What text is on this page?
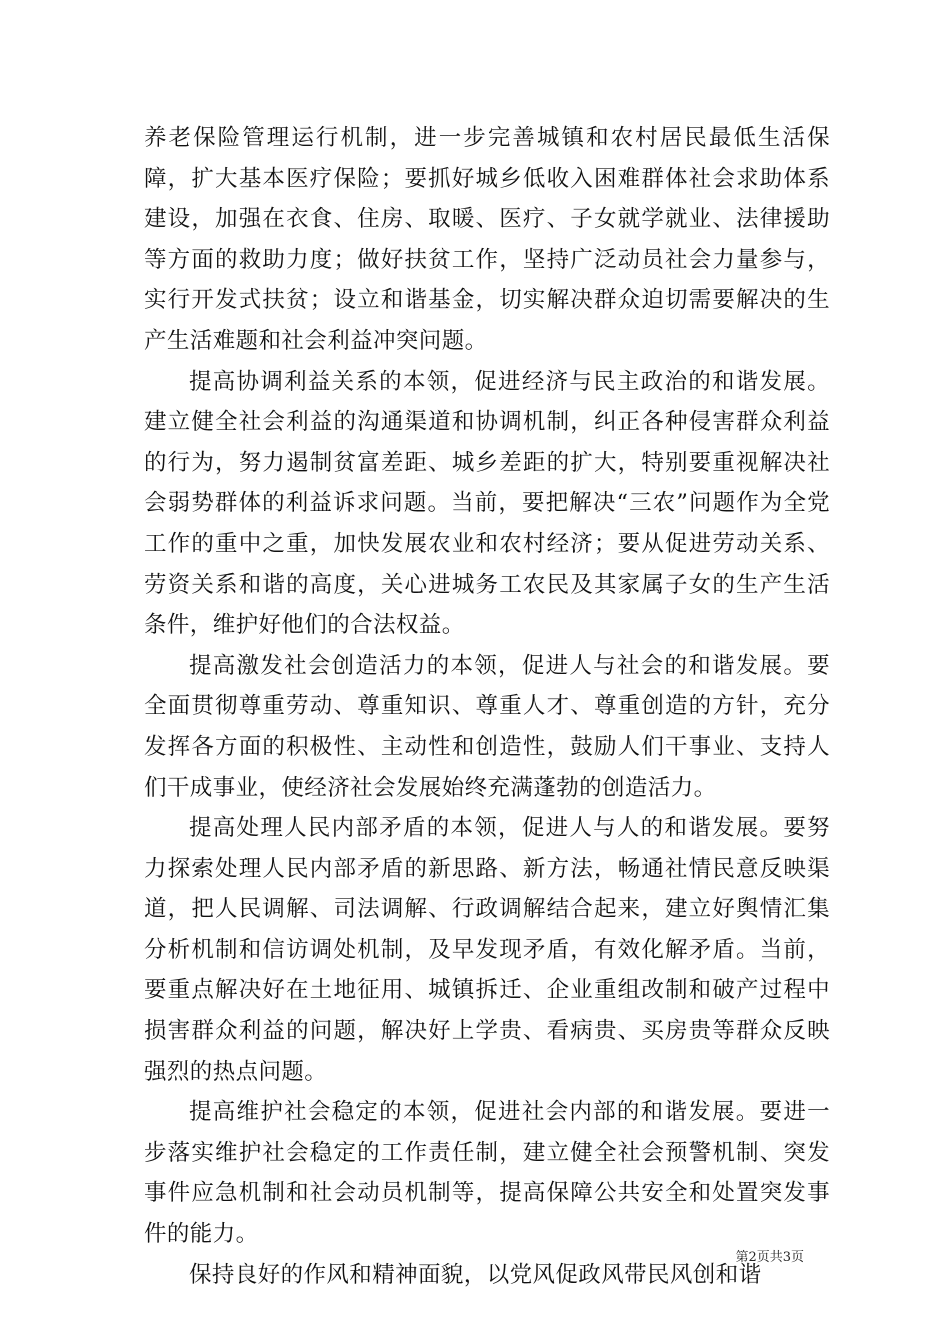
养老保险管理运行机制，进一步完善城镇和农村居民最低生活保障，扩大基本医疗保险；要抓好城乡低收入困难群体社会求助体系建设，加强在衣食、住房、取暖、医疗、子女就学就业、法律援助等方面的救助力度；做好扶贫工作，坚持广泛动员社会力量参与，实行开发式扶贫；设立和谐基金，切实解决群众迫切需要解决的生产生活难题和社会利益冲突问题。

提高协调利益关系的本领，促进经济与民主政治的和谐发展。建立健全社会利益的沟通渠道和协调机制，纠正各种侵害群众利益的行为，努力遏制贫富差距、城乡差距的扩大，特别要重视解决社会弱势群体的利益诉求问题。当前，要把解决“三农”问题作为全党工作的重中之重，加快发展农业和农村经济；要从促进劳动关系、劳资关系和谐的高度，关心进城务工农民及其家属子女的生产生活条件，维护好他们的合法权益。

提高激发社会创造活力的本领，促进人与社会的和谐发展。要全面贯彻尊重劳动、尊重知识、尊重人才、尊重创造的方针，充分发挥各方面的积极性、主动性和创造性，鼓励人们干事业、支持人们干成事业，使经济社会发展始终充满蓬勃的创造活力。

提高处理人民内部矛盾的本领，促进人与人的和谐发展。要努力探索处理人民内部矛盾的新思路、新方法，畅通社情民意反映渠道，把人民调解、司法调解、行政调解结合起来，建立好舆情汇集分析机制和信访调处机制，及早发现矛盾，有效化解矛盾。当前，要重点解决好在土地征用、城镇拆迁、企业重组改制和破产过程中损害群众利益的问题，解决好上学贵、看病贵、买房贵等群众反映强烈的热点问题。

提高维护社会稳定的本领，促进社会内部的和谐发展。要进一步落实维护社会稳定的工作责任制，建立健全社会预警机制、突发事件应急机制和社会动员机制等，提高保障公共安全和处置突发事件的能力。

保持良好的作风和精神面貌，以党风促政风带民风创和谐

第2页共3页
